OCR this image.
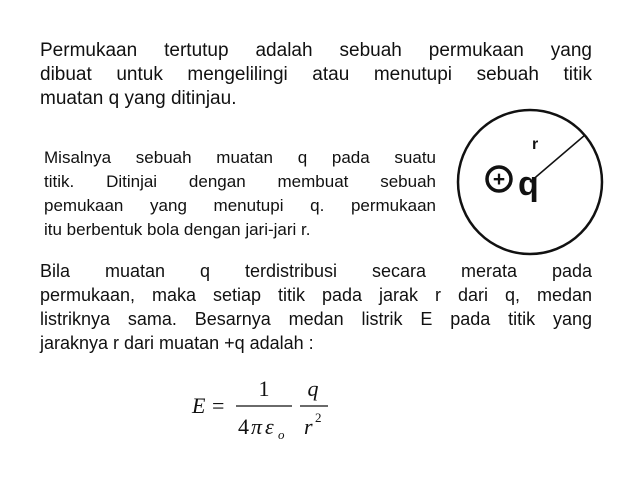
Permukaan tertutup adalah sebuah permukaan yang
dibuat untuk mengelilingi atau menutupi sebuah titik
muatan q yang ditinjau.
Misalnya sebuah muatan q pada suatu
titik. Ditinjai dengan membuat sebuah
pemukaan yang menutupi q. permukaan
itu berbentuk bola dengan jari-jari r.
r
+ q
Bila muatan q terdistribusi secara merata pada
permukaan, maka setiap titik pada jarak r dari q, medan
listriknya sama. Besarnya medan listrik E pada titik yang
jaraknya r dari muatan +q adalah :
E =
1
4 π ε o
q
r 2
